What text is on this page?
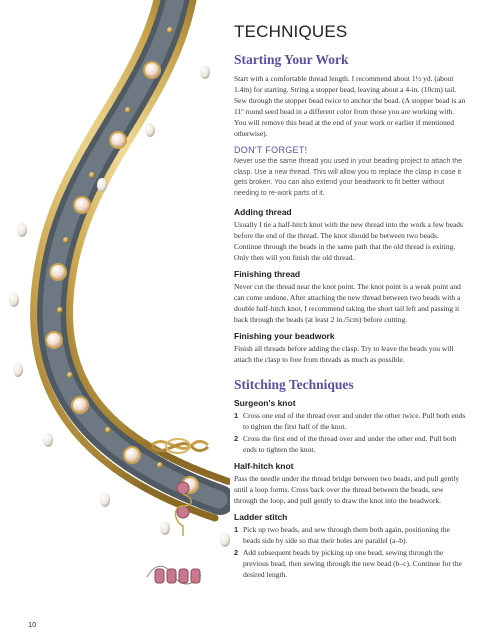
TECHNIQUES
Starting Your Work

Start with a comfortable thread length. I recommend about 1½ yd. (about 1.4m) for starting. String a stopper bead, leaving about a 4-in. (10cm) tail. Sew through the stopper bead twice to anchor the bead. (A stopper bead is an 11º round seed bead in a different color from those you are working with. You will remove this bead at the end of your work or earlier if mentioned otherwise).

DON'T FORGET!

Never use the same thread you used in your beading project to attach the clasp. Use a new thread. This will allow you to replace the clasp in case it gets broken. You can also extend your beadwork to fit better without needing to re-work parts of it.

Adding thread

Usually I tie a half-hitch knot with the new thread into the work a few beads before the end of the thread. The knot should be between two beads. Continue through the beads in the same path that the old thread is exiting. Only then will you finish the old thread.

Finishing thread

Never cut the thread near the knot point. The knot point is a weak point and can come undone. After attaching the new thread between two beads with a double half-hitch knot, I recommend taking the short tail left and passing it back through the beads (at least 2 in./5cm) before cutting.

Finishing your beadwork

Finish all threads before adding the clasp. Try to leave the beads you will attach the clasp to free from threads as much as possible.

Stitching Techniques
Surgeon's knot
1 Cross one end of the thread over and under the other twice. Pull both ends to tighten the first half of the knot.
2 Cross the first end of the thread over and under the other end. Pull both ends to tighten the knot.
Half-hitch knot

Pass the needle under the thread bridge between two beads, and pull gently until a loop forms. Cross back over the thread between the beads, sew through the loop, and pull gently to draw the knot into the beadwork.

Ladder stitch
1 Pick up two beads, and sew through them both again, positioning the beads side by side so that their holes are parallel (a–b).
2 Add subsequent beads by picking up one bead, sewing through the previous bead, then sewing through the new bead (b–c). Continue for the desired length.
10
